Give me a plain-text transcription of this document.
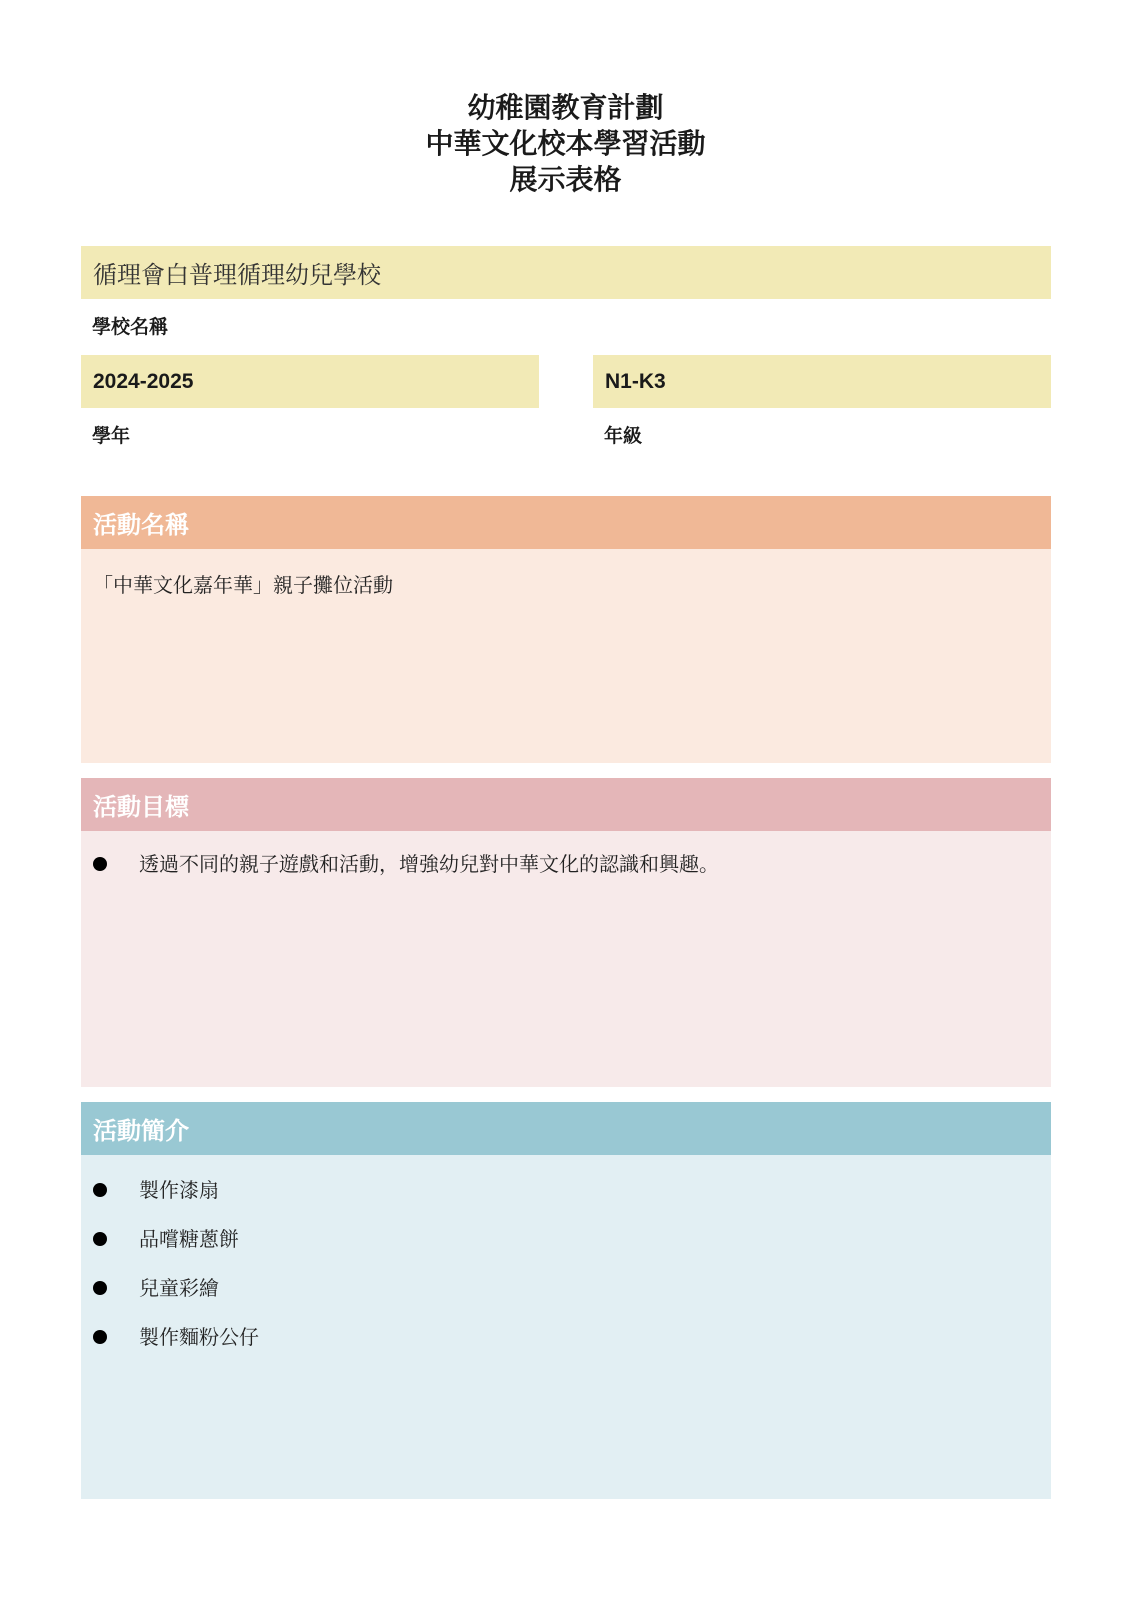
幼稚園教育計劃
中華文化校本學習活動
展示表格
循理會白普理循理幼兒學校
學校名稱
2024-2025
學年
N1-K3
年級
活動名稱
「中華文化嘉年華」親子攤位活動
活動目標
透過不同的親子遊戲和活動，增強幼兒對中華文化的認識和興趣。
活動簡介
製作漆扇
品嚐糖蔥餅
兒童彩繪
製作麵粉公仔
